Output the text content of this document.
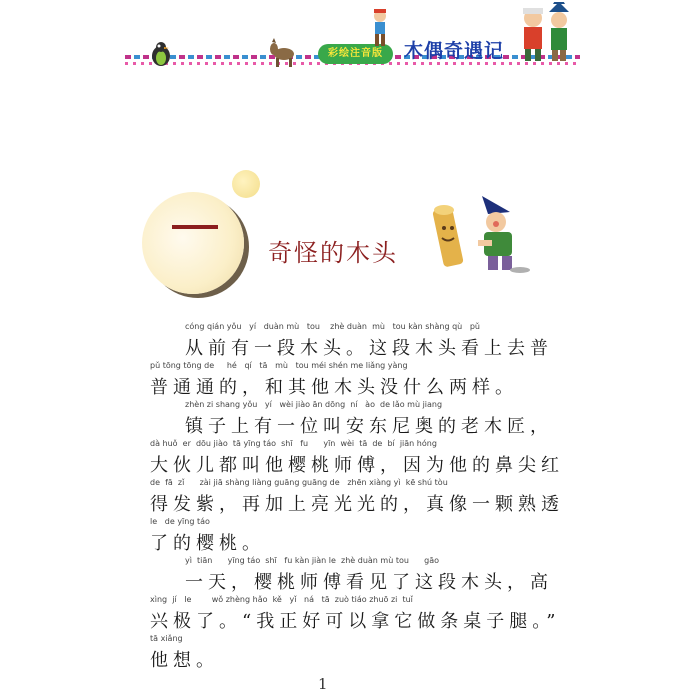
彩绘注音版	木偶奇遇记
奇怪的木头
cóng qián yǒu   yí   duàn mù   tou    zhè duàn  mù   tou kàn shàng qù   pǔ
从前有一段木头。这段木头看上去普
pǔ tōng tōng de     hé   qí   tā   mù   tou méi shén me liǎng yàng
普通通的，和其他木头没什么两样。
zhèn zi shang yǒu   yí   wèi jiào ān dōng  ní   ào  de lǎo mù jiang
镇子上有一位叫安东尼奥的老木匠，
dà huǒ  er  dōu jiào  tā yīng táo  shī   fu      yīn  wèi  tā  de  bí  jiān hóng
大伙儿都叫他樱桃师傅，因为他的鼻尖红
de  fā  zǐ      zài jiā shàng liàng guāng guāng de   zhēn xiàng yì  kē shú tòu
得发紫，再加上亮光光的，真像一颗熟透
le   de yīng táo
了的樱桃。
yì  tiān      yīng táo  shī   fu kàn jiàn le  zhè duàn mù tou      gāo
一天，樱桃师傅看见了这段木头，高
xìng  jí   le        wǒ zhèng hǎo  kě   yǐ   ná   tā  zuò tiáo zhuō zi  tuǐ
兴极了。“我正好可以拿它做条桌子腿。”
tā xiǎng
他想。
1
